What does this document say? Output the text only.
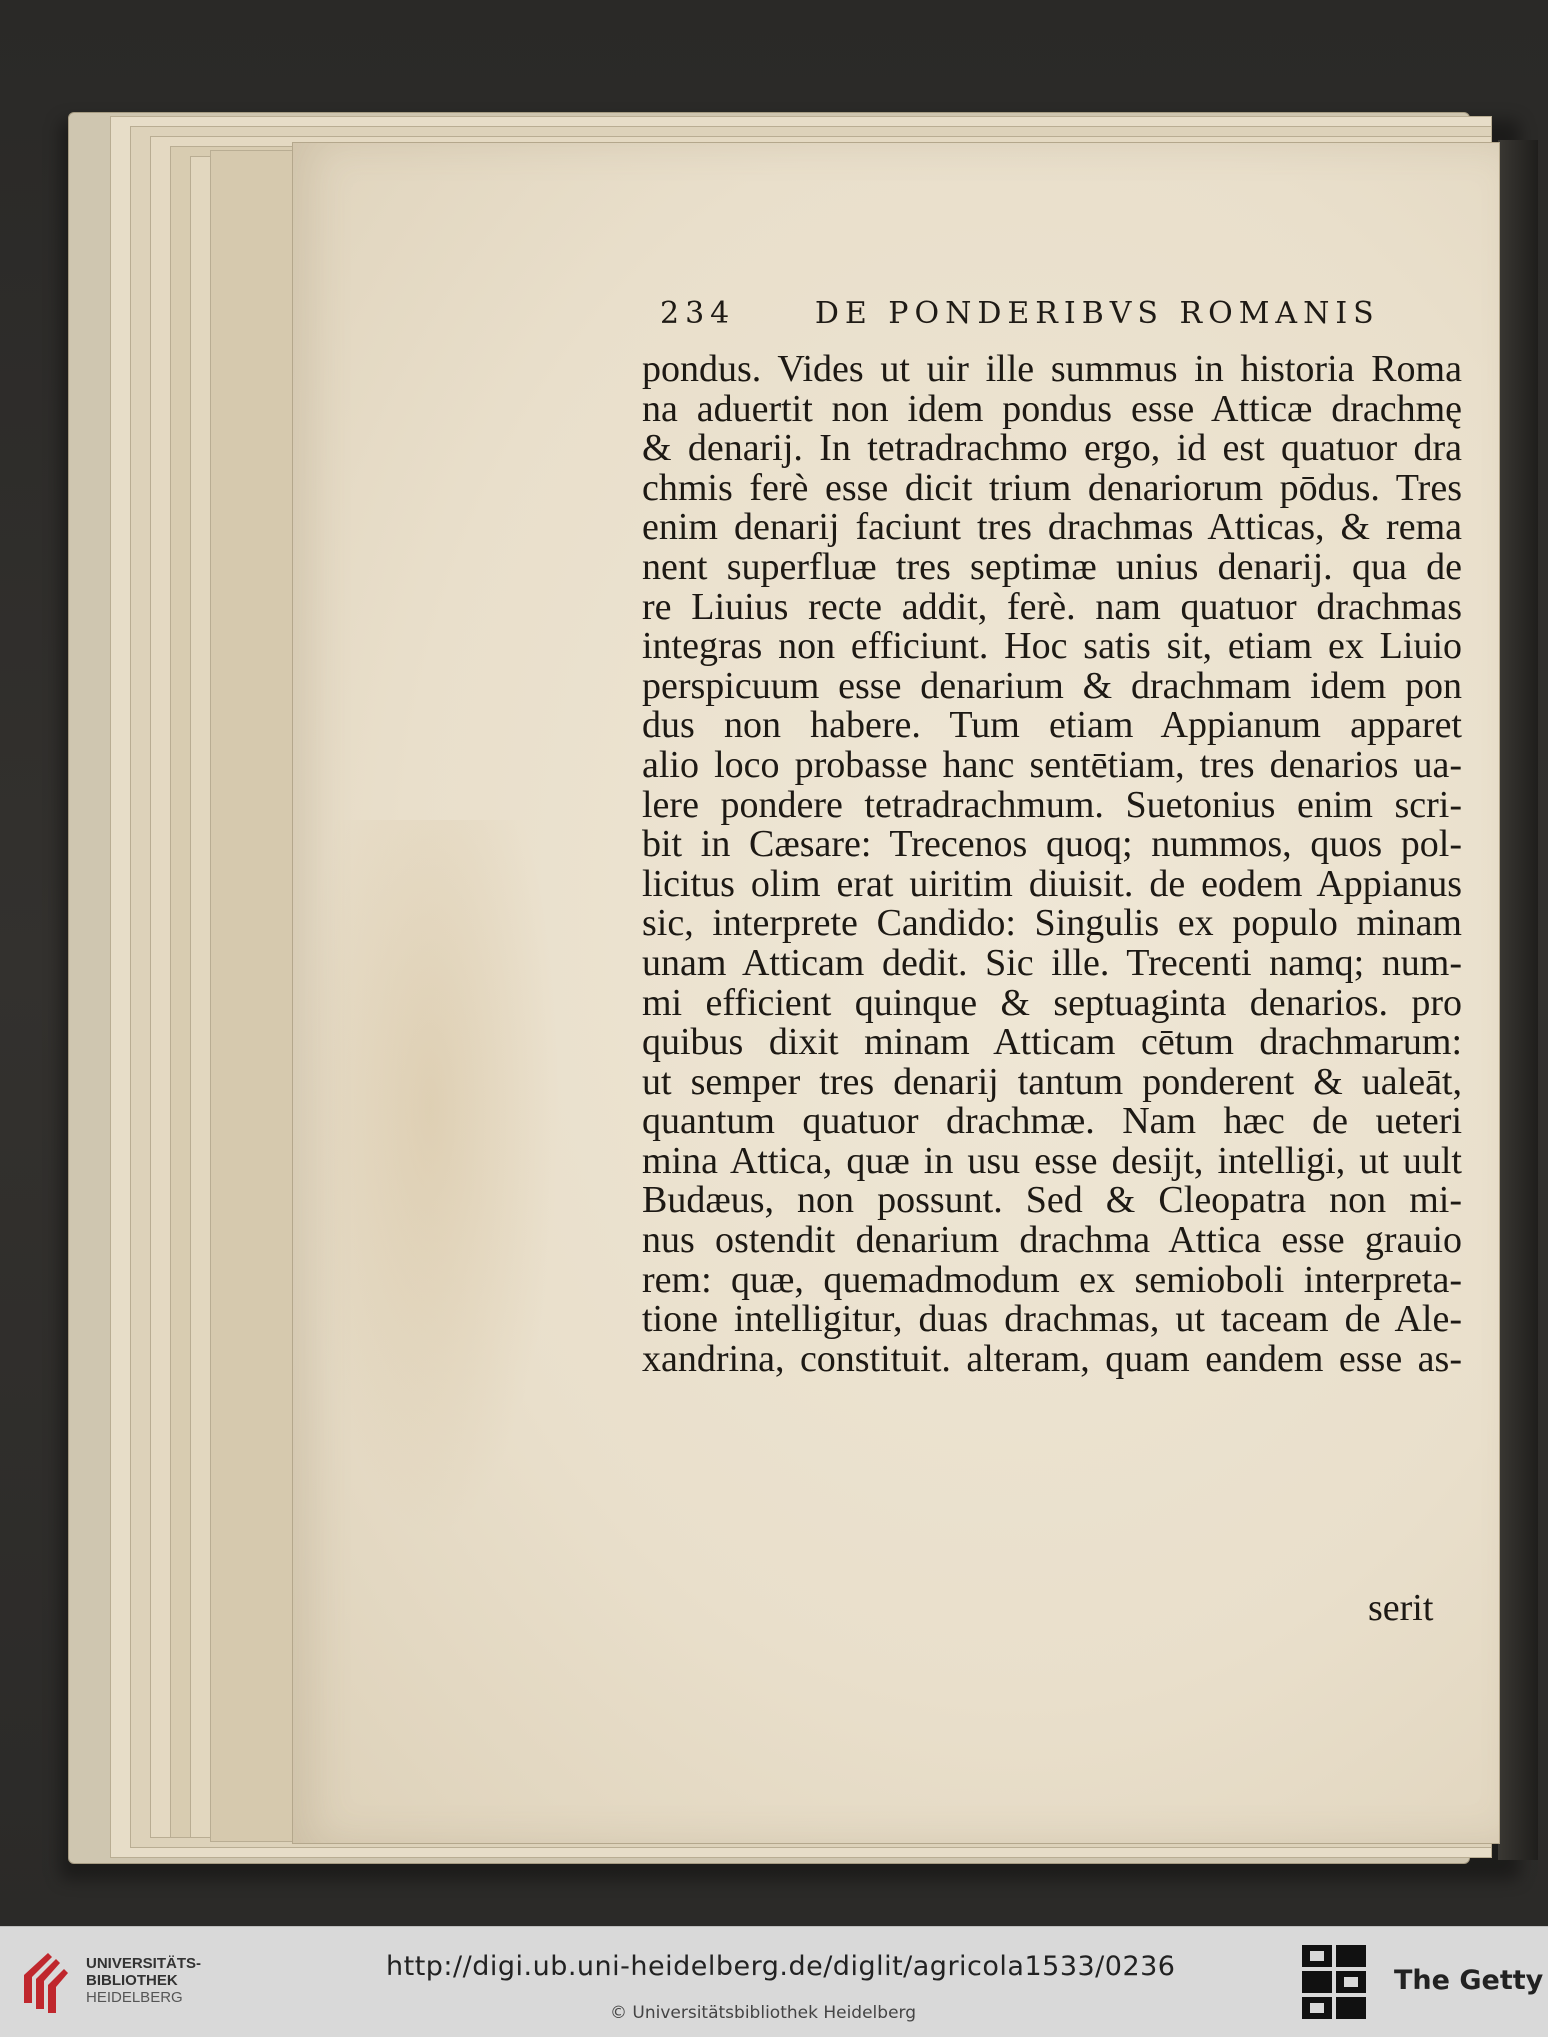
234	DE PONDERIBVS ROMANIS
pondus. Vides ut uir ille summus in historia Roma
na aduertit non idem pondus esse Atticæ drachmę
& denarij. In tetradrachmo ergo, id est quatuor dra
chmis ferè esse dicit trium denariorum pōdus. Tres
enim denarij faciunt tres drachmas Atticas, & rema
nent superfluæ tres septimæ unius denarij. qua de
re Liuius recte addit, ferè. nam quatuor drachmas
integras non efficiunt. Hoc satis sit, etiam ex Liuio
perspicuum esse denarium & drachmam idem pon
dus non habere. Tum etiam Appianum apparet
alio loco probasse hanc sentētiam, tres denarios ua-
lere pondere tetradrachmum. Suetonius enim scri-
bit in Cæsare: Trecenos quoq; nummos, quos pol-
licitus olim erat uiritim diuisit. de eodem Appianus
sic, interprete Candido: Singulis ex populo minam
unam Atticam dedit. Sic ille. Trecenti namq; num-
mi efficient quinque & septuaginta denarios. pro
quibus dixit minam Atticam cētum drachmarum:
ut semper tres denarij tantum ponderent & ualeāt,
quantum quatuor drachmæ. Nam hæc de ueteri
mina Attica, quæ in usu esse desijt, intelligi, ut uult
Budæus, non possunt. Sed & Cleopatra non mi-
nus ostendit denarium drachma Attica esse grauio
rem: quæ, quemadmodum ex semioboli interpreta-
tione intelligitur, duas drachmas, ut taceam de Ale-
xandrina, constituit. alteram, quam eandem esse as-
serit
UNIVERSITÄTS-
BIBLIOTHEK
HEIDELBERG
http://digi.ub.uni-heidelberg.de/diglit/agricola1533/0236
© Universitätsbibliothek Heidelberg
The Getty
